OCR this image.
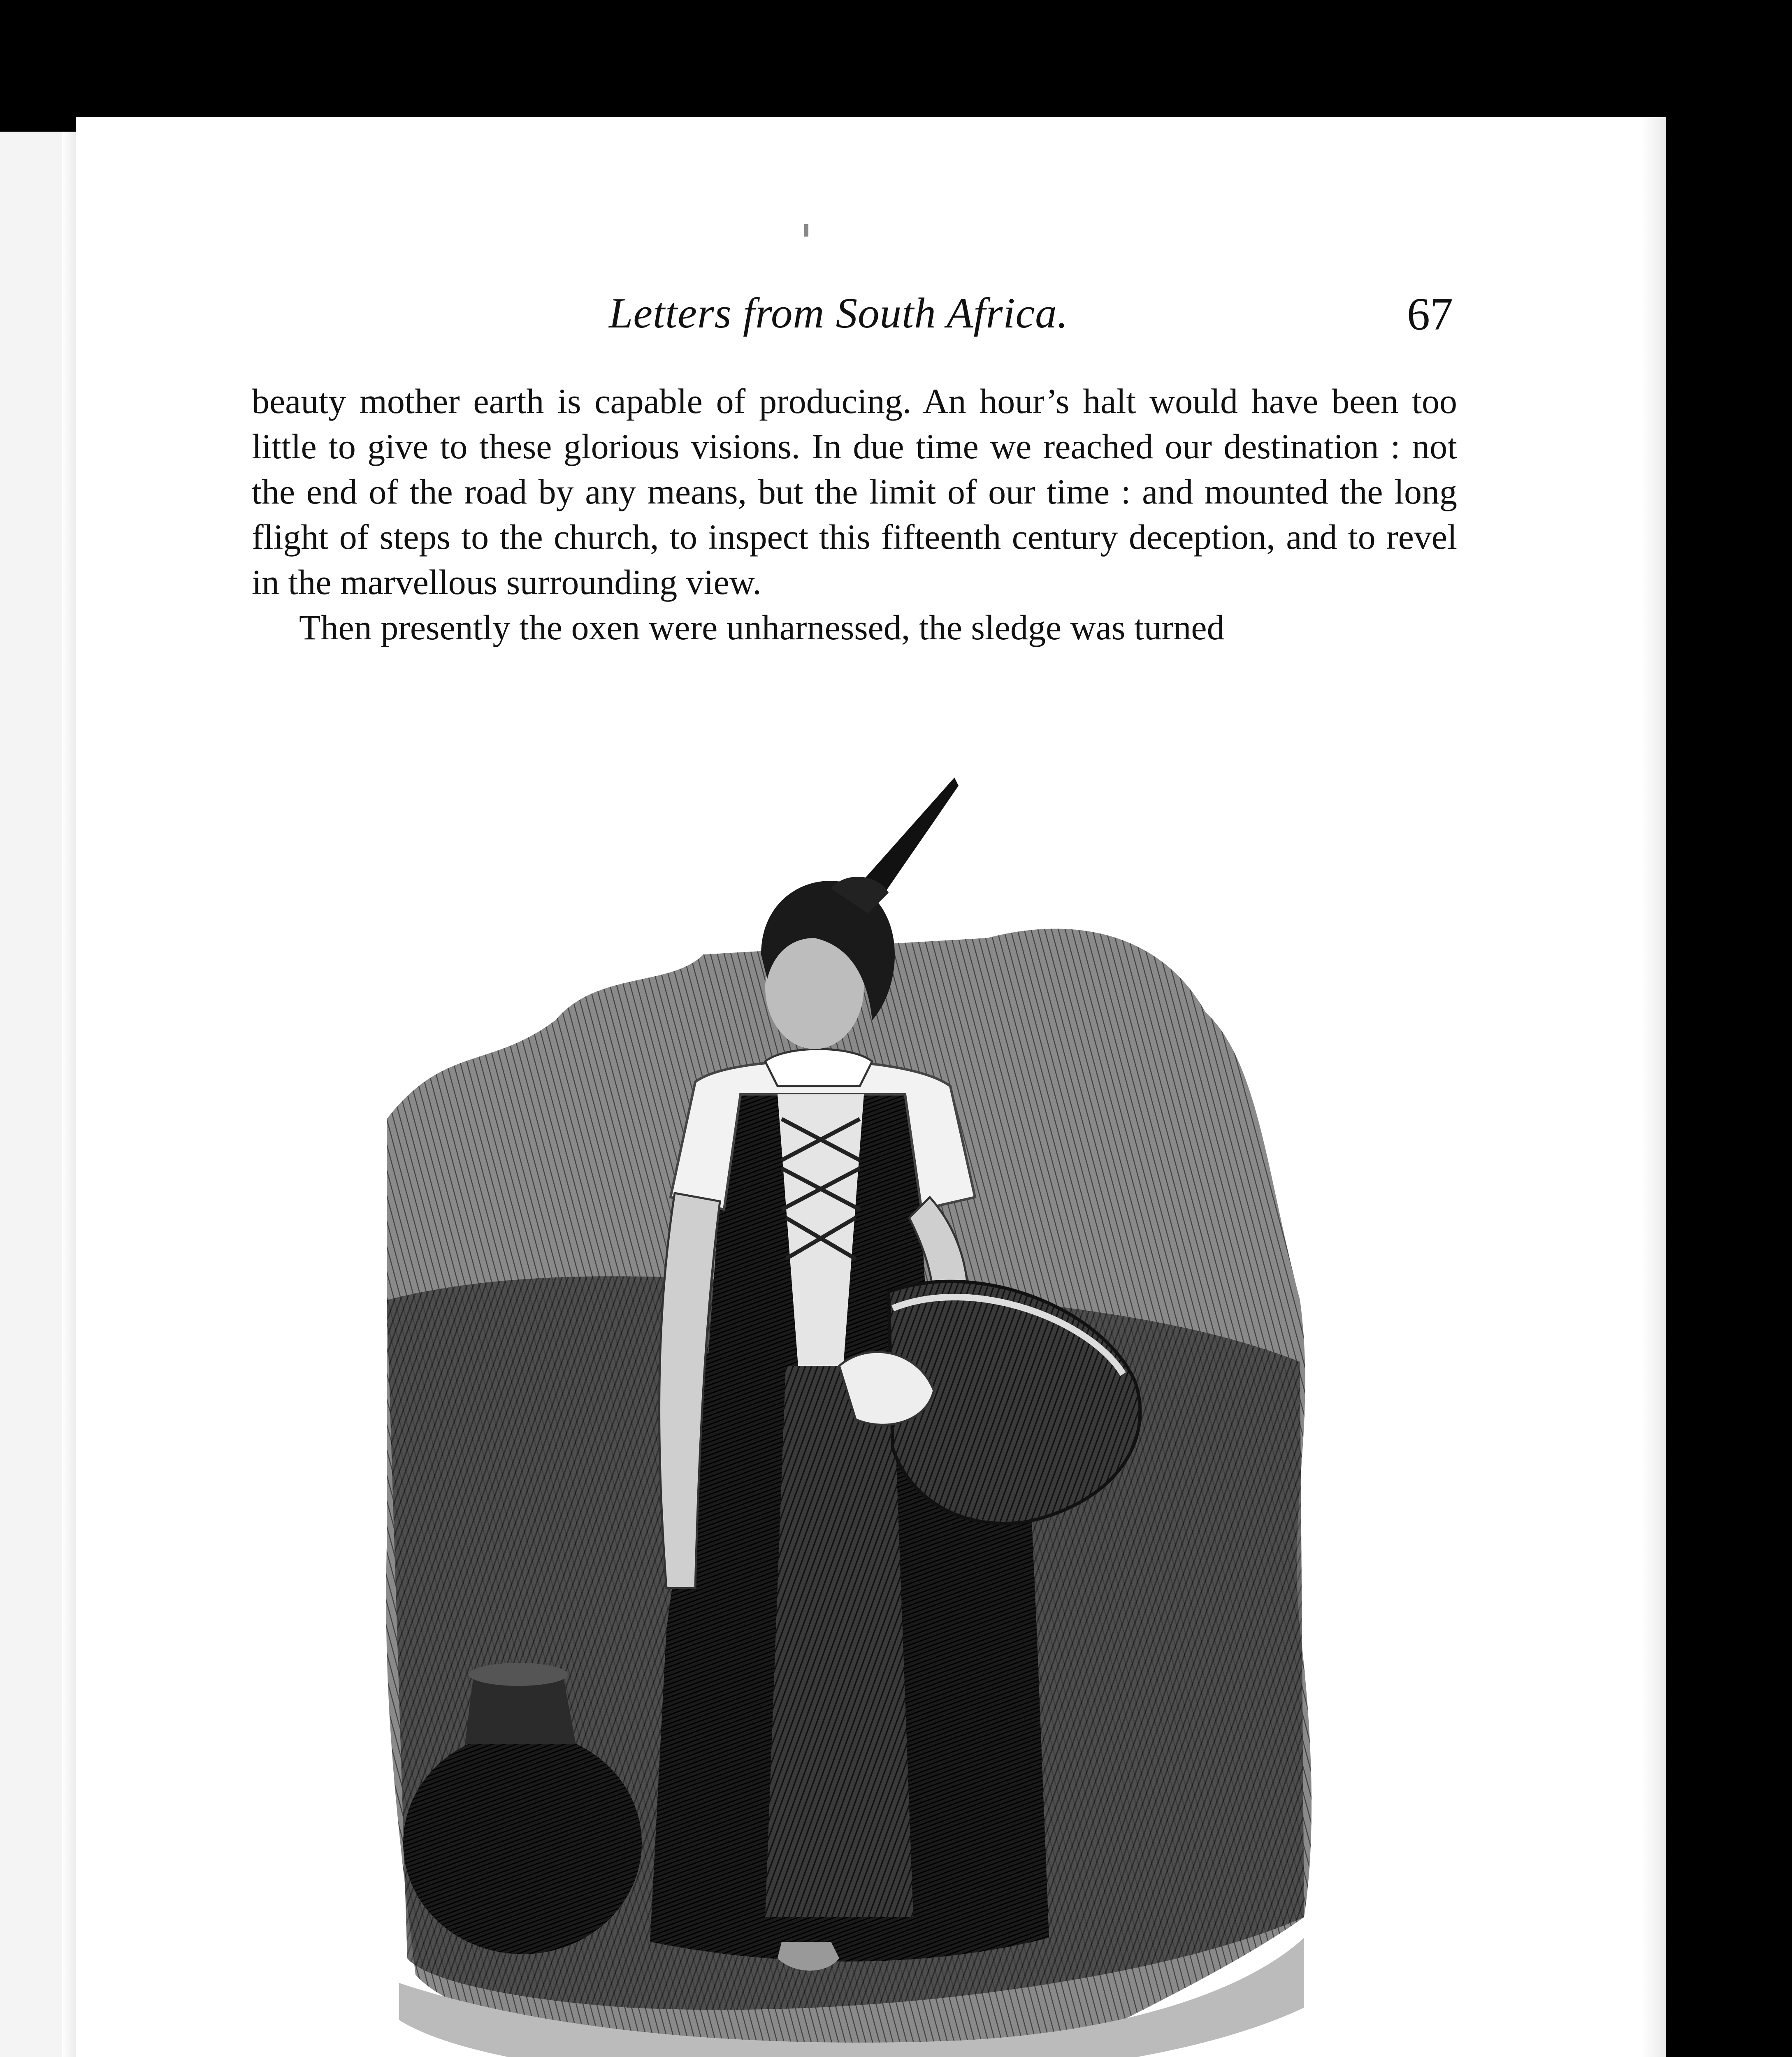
Letters from South Africa.	67

beauty mother earth is capable of producing. An hour’s halt would have been too little to give to these glorious visions. In due time we reached our destination : not the end of the road by any means, but the limit of our time : and mounted the long flight of steps to the church, to inspect this fifteenth century deception, and to revel in the marvellous surrounding view.

Then presently the oxen were unharnessed, the sledge was turned
